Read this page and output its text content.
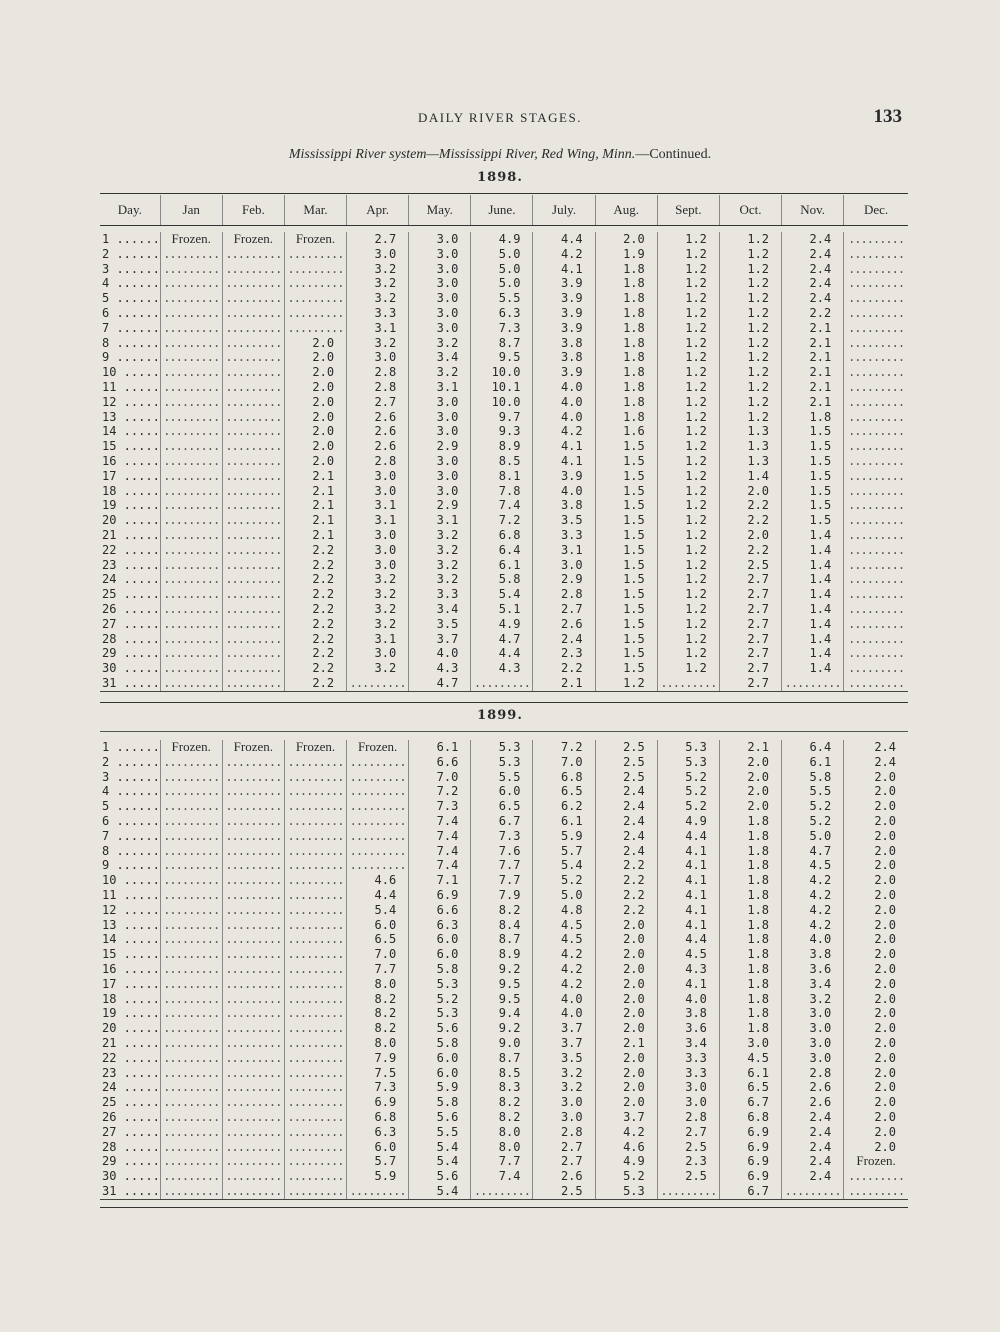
DAILY RIVER STAGES.	133
Mississippi River system—Mississippi River, Red Wing, Minn.—Continued.
1898.
Day.	Jan	Feb.	Mar.	Apr.	May.	June.	July.	Aug.	Sept.	Oct.	Nov.	Dec.

1 ......	Frozen.	Frozen.	Frozen.	2.7	3.0	4.9	4.4	2.0	1.2	1.2	2.4	.........
2 ......	.........	.........	.........	3.0	3.0	5.0	4.2	1.9	1.2	1.2	2.4	.........
3 ......	.........	.........	.........	3.2	3.0	5.0	4.1	1.8	1.2	1.2	2.4	.........
4 ......	.........	.........	.........	3.2	3.0	5.0	3.9	1.8	1.2	1.2	2.4	.........
5 ......	.........	.........	.........	3.2	3.0	5.5	3.9	1.8	1.2	1.2	2.4	.........
6 ......	.........	.........	.........	3.3	3.0	6.3	3.9	1.8	1.2	1.2	2.2	.........
7 ......	.........	.........	.........	3.1	3.0	7.3	3.9	1.8	1.2	1.2	2.1	.........
8 ......	.........	.........	2.0	3.2	3.2	8.7	3.8	1.8	1.2	1.2	2.1	.........
9 ......	.........	.........	2.0	3.0	3.4	9.5	3.8	1.8	1.2	1.2	2.1	.........
10 .....	.........	.........	2.0	2.8	3.2	10.0	3.9	1.8	1.2	1.2	2.1	.........
11 .....	.........	.........	2.0	2.8	3.1	10.1	4.0	1.8	1.2	1.2	2.1	.........
12 .....	.........	.........	2.0	2.7	3.0	10.0	4.0	1.8	1.2	1.2	2.1	.........
13 .....	.........	.........	2.0	2.6	3.0	9.7	4.0	1.8	1.2	1.2	1.8	.........
14 .....	.........	.........	2.0	2.6	3.0	9.3	4.2	1.6	1.2	1.3	1.5	.........
15 .....	.........	.........	2.0	2.6	2.9	8.9	4.1	1.5	1.2	1.3	1.5	.........
16 .....	.........	.........	2.0	2.8	3.0	8.5	4.1	1.5	1.2	1.3	1.5	.........
17 .....	.........	.........	2.1	3.0	3.0	8.1	3.9	1.5	1.2	1.4	1.5	.........
18 .....	.........	.........	2.1	3.0	3.0	7.8	4.0	1.5	1.2	2.0	1.5	.........
19 .....	.........	.........	2.1	3.1	2.9	7.4	3.8	1.5	1.2	2.2	1.5	.........
20 .....	.........	.........	2.1	3.1	3.1	7.2	3.5	1.5	1.2	2.2	1.5	.........
21 .....	.........	.........	2.1	3.0	3.2	6.8	3.3	1.5	1.2	2.0	1.4	.........
22 .....	.........	.........	2.2	3.0	3.2	6.4	3.1	1.5	1.2	2.2	1.4	.........
23 .....	.........	.........	2.2	3.0	3.2	6.1	3.0	1.5	1.2	2.5	1.4	.........
24 .....	.........	.........	2.2	3.2	3.2	5.8	2.9	1.5	1.2	2.7	1.4	.........
25 .....	.........	.........	2.2	3.2	3.3	5.4	2.8	1.5	1.2	2.7	1.4	.........
26 .....	.........	.........	2.2	3.2	3.4	5.1	2.7	1.5	1.2	2.7	1.4	.........
27 .....	.........	.........	2.2	3.2	3.5	4.9	2.6	1.5	1.2	2.7	1.4	.........
28 .....	.........	.........	2.2	3.1	3.7	4.7	2.4	1.5	1.2	2.7	1.4	.........
29 .....	.........	.........	2.2	3.0	4.0	4.4	2.3	1.5	1.2	2.7	1.4	.........
30 .....	.........	.........	2.2	3.2	4.3	4.3	2.2	1.5	1.2	2.7	1.4	.........
31 .....	.........	.........	2.2	.........	4.7	.........	2.1	1.2	.........	2.7	.........	.........
1899.
1 ......	Frozen.	Frozen.	Frozen.	Frozen.	6.1	5.3	7.2	2.5	5.3	2.1	6.4	2.4
2 ......	.........	.........	.........	.........	6.6	5.3	7.0	2.5	5.3	2.0	6.1	2.4
3 ......	.........	.........	.........	.........	7.0	5.5	6.8	2.5	5.2	2.0	5.8	2.0
4 ......	.........	.........	.........	.........	7.2	6.0	6.5	2.4	5.2	2.0	5.5	2.0
5 ......	.........	.........	.........	.........	7.3	6.5	6.2	2.4	5.2	2.0	5.2	2.0
6 ......	.........	.........	.........	.........	7.4	6.7	6.1	2.4	4.9	1.8	5.2	2.0
7 ......	.........	.........	.........	.........	7.4	7.3	5.9	2.4	4.4	1.8	5.0	2.0
8 ......	.........	.........	.........	.........	7.4	7.6	5.7	2.4	4.1	1.8	4.7	2.0
9 ......	.........	.........	.........	.........	7.4	7.7	5.4	2.2	4.1	1.8	4.5	2.0
10 .....	.........	.........	.........	4.6	7.1	7.7	5.2	2.2	4.1	1.8	4.2	2.0
11 .....	.........	.........	.........	4.4	6.9	7.9	5.0	2.2	4.1	1.8	4.2	2.0
12 .....	.........	.........	.........	5.4	6.6	8.2	4.8	2.2	4.1	1.8	4.2	2.0
13 .....	.........	.........	.........	6.0	6.3	8.4	4.5	2.0	4.1	1.8	4.2	2.0
14 .....	.........	.........	.........	6.5	6.0	8.7	4.5	2.0	4.4	1.8	4.0	2.0
15 .....	.........	.........	.........	7.0	6.0	8.9	4.2	2.0	4.5	1.8	3.8	2.0
16 .....	.........	.........	.........	7.7	5.8	9.2	4.2	2.0	4.3	1.8	3.6	2.0
17 .....	.........	.........	.........	8.0	5.3	9.5	4.2	2.0	4.1	1.8	3.4	2.0
18 .....	.........	.........	.........	8.2	5.2	9.5	4.0	2.0	4.0	1.8	3.2	2.0
19 .....	.........	.........	.........	8.2	5.3	9.4	4.0	2.0	3.8	1.8	3.0	2.0
20 .....	.........	.........	.........	8.2	5.6	9.2	3.7	2.0	3.6	1.8	3.0	2.0
21 .....	.........	.........	.........	8.0	5.8	9.0	3.7	2.1	3.4	3.0	3.0	2.0
22 .....	.........	.........	.........	7.9	6.0	8.7	3.5	2.0	3.3	4.5	3.0	2.0
23 .....	.........	.........	.........	7.5	6.0	8.5	3.2	2.0	3.3	6.1	2.8	2.0
24 .....	.........	.........	.........	7.3	5.9	8.3	3.2	2.0	3.0	6.5	2.6	2.0
25 .....	.........	.........	.........	6.9	5.8	8.2	3.0	2.0	3.0	6.7	2.6	2.0
26 .....	.........	.........	.........	6.8	5.6	8.2	3.0	3.7	2.8	6.8	2.4	2.0
27 .....	.........	.........	.........	6.3	5.5	8.0	2.8	4.2	2.7	6.9	2.4	2.0
28 .....	.........	.........	.........	6.0	5.4	8.0	2.7	4.6	2.5	6.9	2.4	2.0
29 .....	.........	.........	.........	5.7	5.4	7.7	2.7	4.9	2.3	6.9	2.4	Frozen.
30 .....	.........	.........	.........	5.9	5.6	7.4	2.6	5.2	2.5	6.9	2.4	.........
31 .....	.........	.........	.........	.........	5.4	.........	2.5	5.3	.........	6.7	.........	.........
